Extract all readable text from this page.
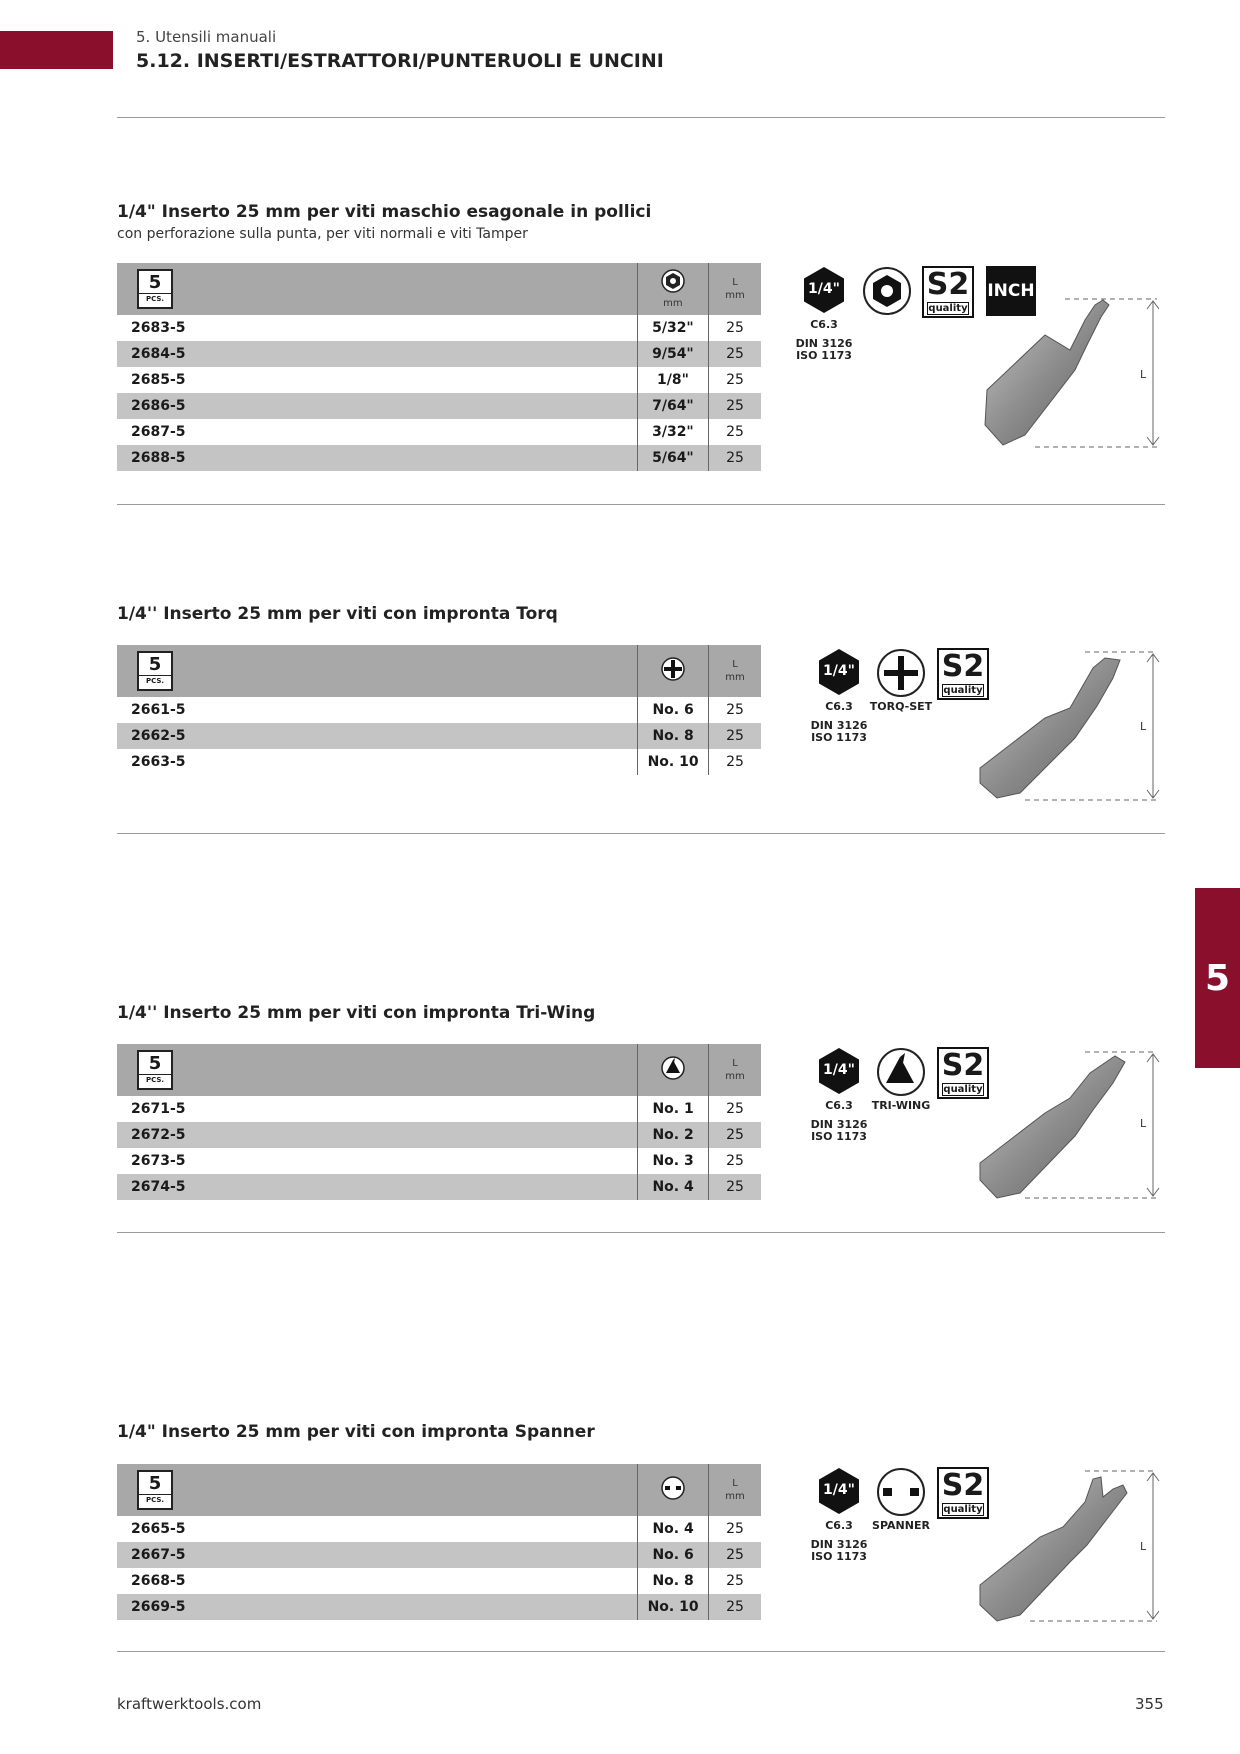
5. Utensili manuali
5.12. INSERTI/ESTRATTORI/PUNTERUOLI E UNCINI
5
1/4" Inserto 25 mm per viti maschio esagonale in pollici
con perforazione sulla punta, per viti normali e viti Tamper
5
PCS.	mm	L
mm

2683-5	5/32"	25
2684-5	9/54"	25
2685-5	1/8"	25
2686-5	7/64"	25
2687-5	3/32"	25
2688-5	5/64"	25
1/4"
C6.3
DIN 3126 ISO 1173
S2
quality
INCH
L
1/4'' Inserto 25 mm per viti con impronta Torq
5
PCS.		L
mm

2661-5	No. 6	25
2662-5	No. 8	25
2663-5	No. 10	25
1/4"
C6.3
DIN 3126 ISO 1173
TORQ-SET
S2
quality
L
1/4'' Inserto 25 mm per viti con impronta Tri-Wing
5
PCS.		L
mm

2671-5	No. 1	25
2672-5	No. 2	25
2673-5	No. 3	25
2674-5	No. 4	25
1/4"
C6.3
DIN 3126 ISO 1173
TRI-WING
S2
quality
L
1/4" Inserto 25 mm per viti con impronta Spanner
5
PCS.		L
mm

2665-5	No. 4	25
2667-5	No. 6	25
2668-5	No. 8	25
2669-5	No. 10	25
1/4"
C6.3
DIN 3126 ISO 1173
SPANNER
S2
quality
L
kraftwerktools.com	355
